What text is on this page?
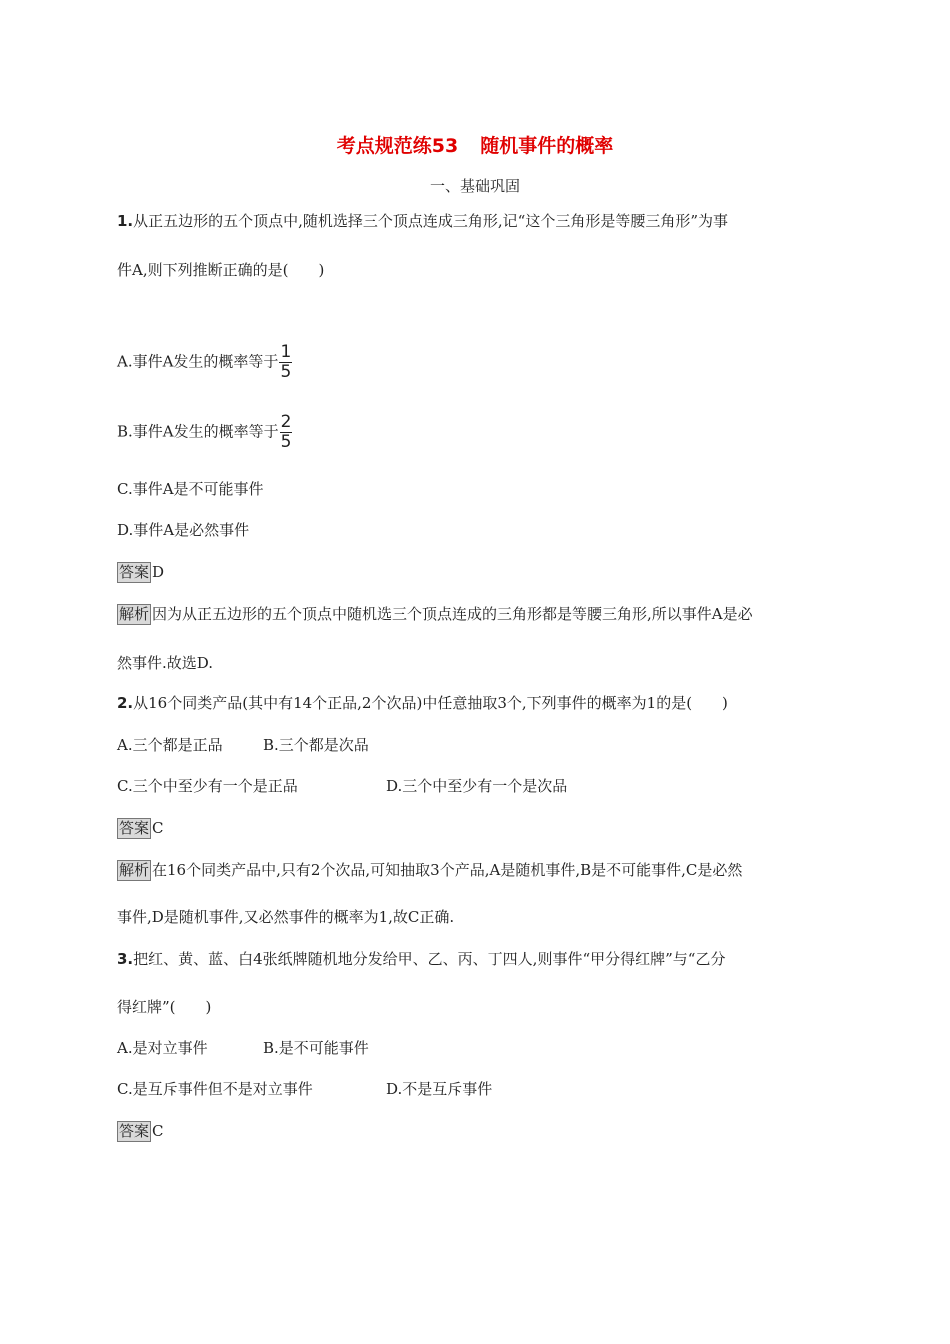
考点规范练53 随机事件的概率
一、基础巩固
1.从正五边形的五个顶点中,随机选择三个顶点连成三角形,记“这个三角形是等腰三角形”为事
件A,则下列推断正确的是(　　)
A.事件A发生的概率等于 $\frac{1}{5}$
B.事件A发生的概率等于 $\frac{2}{5}$
C.事件A是不可能事件
D.事件A是必然事件
答案 D
解析 因为从正五边形的五个顶点中随机选三个顶点连成的三角形都是等腰三角形,所以事件A是必
然事件.故选D.
2.从16个同类产品(其中有14个正品,2个次品)中任意抽取3个,下列事件的概率为1的是(　　)
A.三个都是正品	B.三个都是次品
C.三个中至少有一个是正品	D.三个中至少有一个是次品
答案 C
解析 在16个同类产品中,只有2个次品,可知抽取3个产品,A是随机事件,B是不可能事件,C是必然
事件,D是随机事件,又必然事件的概率为1,故C正确.
3.把红、黄、蓝、白4张纸牌随机地分发给甲、乙、丙、丁四人,则事件“甲分得红牌”与“乙分
得红牌”(　　)
A.是对立事件	B.是不可能事件
C.是互斥事件但不是对立事件	D.不是互斥事件
答案 C
